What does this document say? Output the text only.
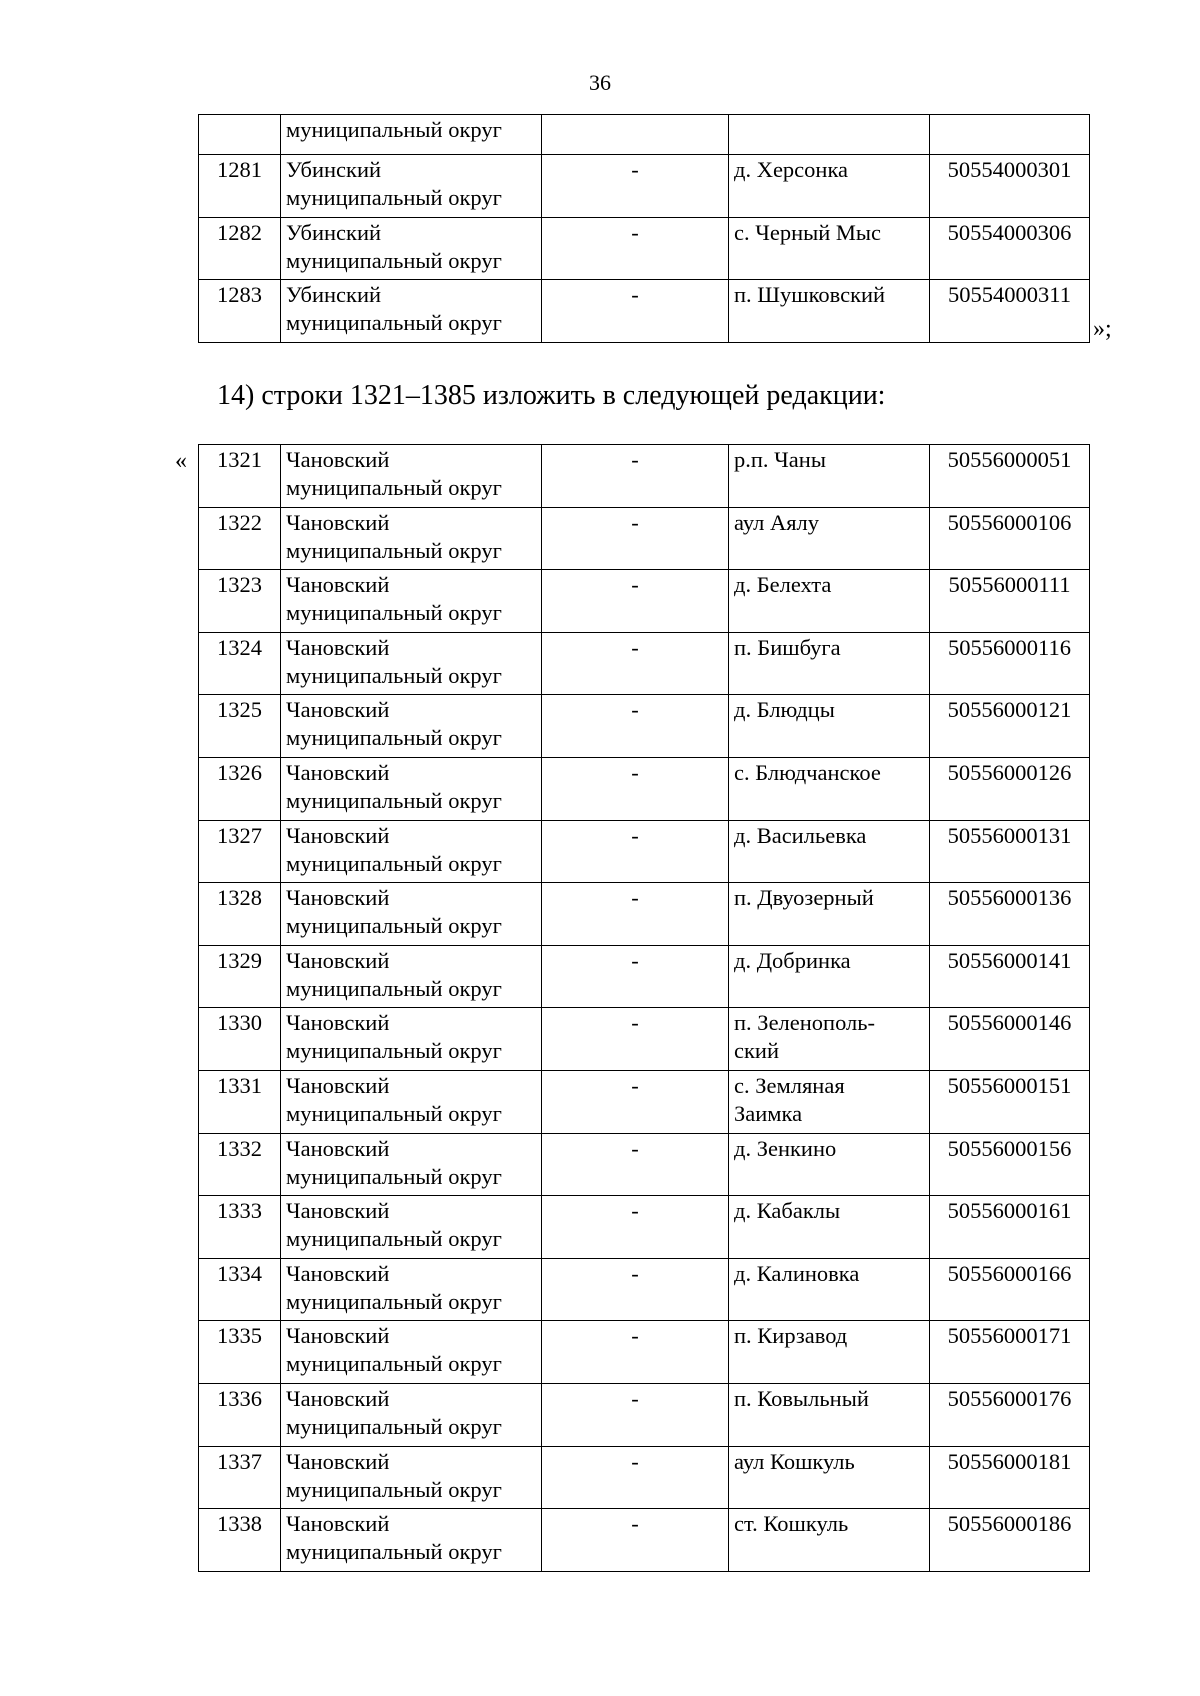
36

	муниципальный округ			

1281	Убинский
муниципальный округ	-	д. Херсонка	50554000301
1282	Убинский
муниципальный округ	-	с. Черный Мыс	50554000306
1283	Убинский
муниципальный округ	-	п. Шушковский	50554000311
»;
14) строки 1321–1385 изложить в следующей редакции:
« 1321	Чановский
муниципальный округ	-	р.п. Чаны	50556000051
1322	Чановский
муниципальный округ	-	аул Аялу	50556000106
1323	Чановский
муниципальный округ	-	д. Белехта	50556000111
1324	Чановский
муниципальный округ	-	п. Бишбуга	50556000116
1325	Чановский
муниципальный округ	-	д. Блюдцы	50556000121
1326	Чановский
муниципальный округ	-	с. Блюдчанское	50556000126
1327	Чановский
муниципальный округ	-	д. Васильевка	50556000131
1328	Чановский
муниципальный округ	-	п. Двуозерный	50556000136
1329	Чановский
муниципальный округ	-	д. Добринка	50556000141
1330	Чановский
муниципальный округ	-	п. Зеленополь-
ский	50556000146
1331	Чановский
муниципальный округ	-	с. Земляная
Заимка	50556000151
1332	Чановский
муниципальный округ	-	д. Зенкино	50556000156
1333	Чановский
муниципальный округ	-	д. Кабаклы	50556000161
1334	Чановский
муниципальный округ	-	д. Калиновка	50556000166
1335	Чановский
муниципальный округ	-	п. Кирзавод	50556000171
1336	Чановский
муниципальный округ	-	п. Ковыльный	50556000176
1337	Чановский
муниципальный округ	-	аул Кошкуль	50556000181
1338	Чановский
муниципальный округ	-	ст. Кошкуль	50556000186
